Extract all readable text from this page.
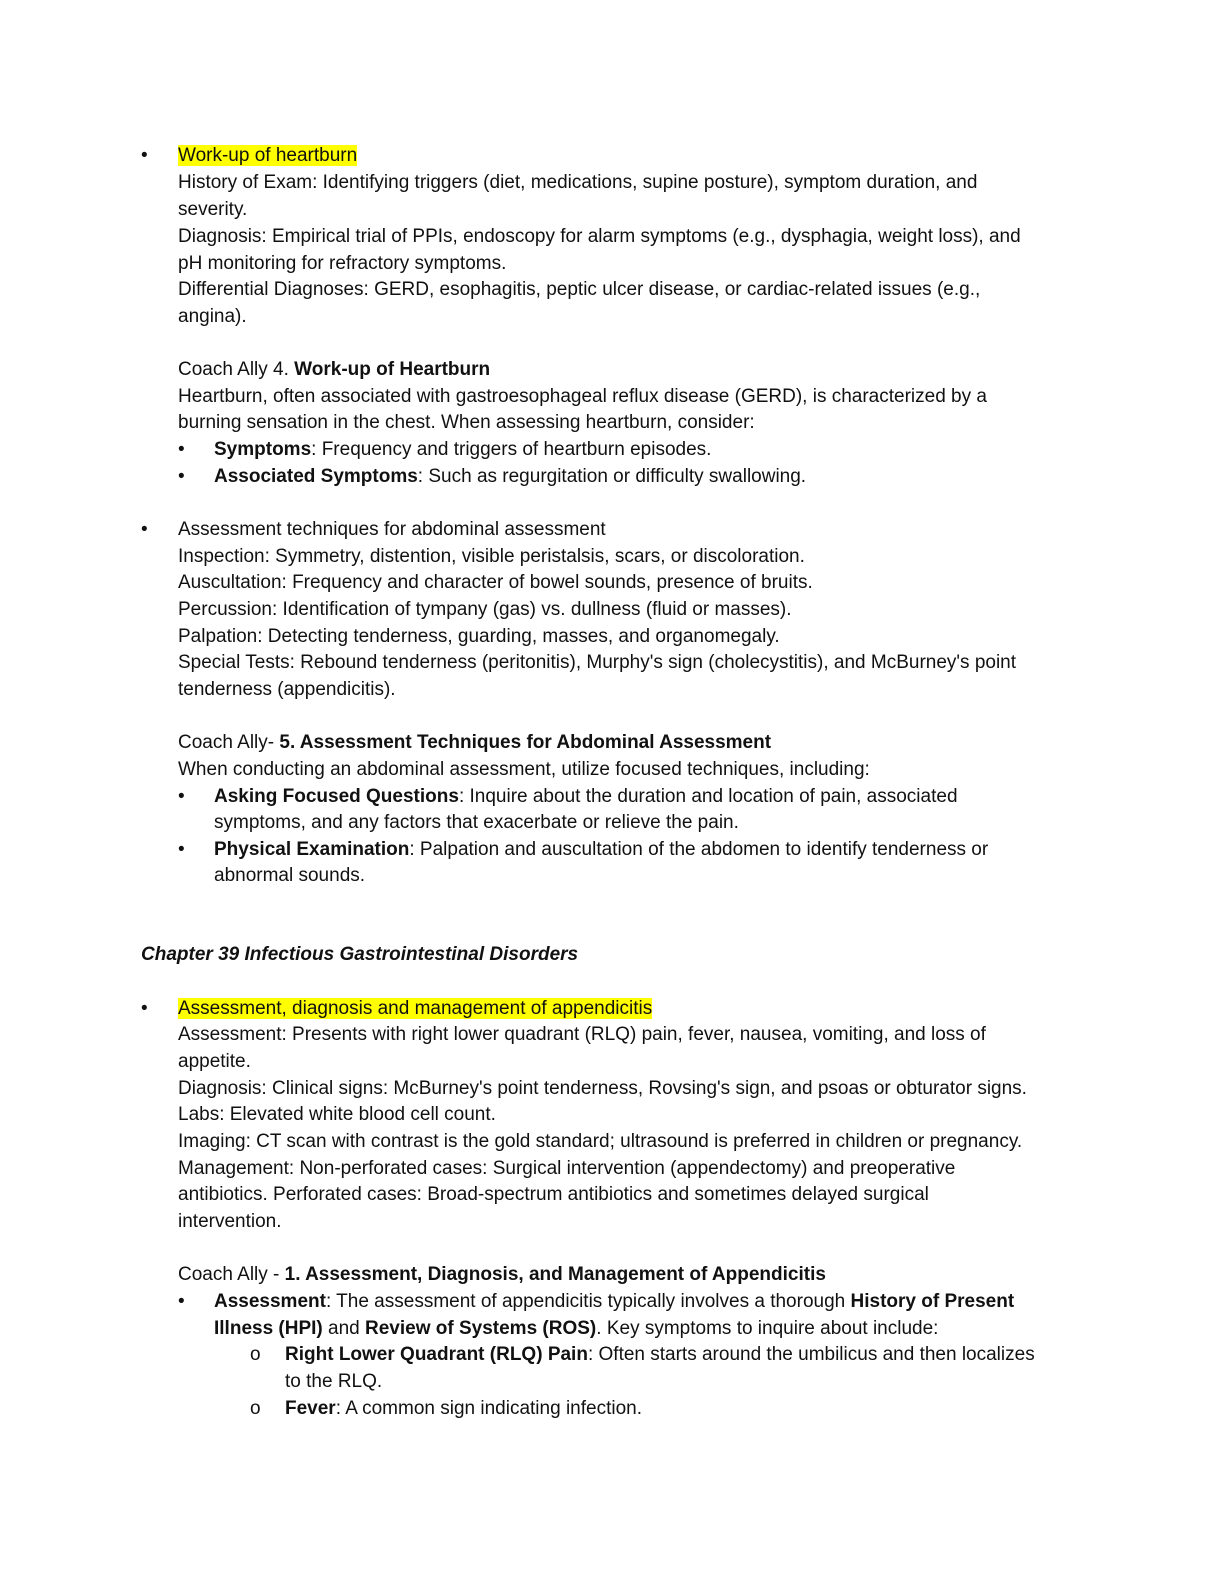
• Work-up of heartburn
History of Exam: Identifying triggers (diet, medications, supine posture), symptom duration, and
severity.
Diagnosis: Empirical trial of PPIs, endoscopy for alarm symptoms (e.g., dysphagia, weight loss), and
pH monitoring for refractory symptoms.
Differential Diagnoses: GERD, esophagitis, peptic ulcer disease, or cardiac-related issues (e.g.,
angina).
Coach Ally 4. Work-up of Heartburn
Heartburn, often associated with gastroesophageal reflux disease (GERD), is characterized by a
burning sensation in the chest. When assessing heartburn, consider:
• Symptoms: Frequency and triggers of heartburn episodes.
• Associated Symptoms: Such as regurgitation or difficulty swallowing.
• Assessment techniques for abdominal assessment
Inspection: Symmetry, distention, visible peristalsis, scars, or discoloration.
Auscultation: Frequency and character of bowel sounds, presence of bruits.
Percussion: Identification of tympany (gas) vs. dullness (fluid or masses).
Palpation: Detecting tenderness, guarding, masses, and organomegaly.
Special Tests: Rebound tenderness (peritonitis), Murphy's sign (cholecystitis), and McBurney's point
tenderness (appendicitis).
Coach Ally- 5. Assessment Techniques for Abdominal Assessment
When conducting an abdominal assessment, utilize focused techniques, including:
• Asking Focused Questions: Inquire about the duration and location of pain, associated
symptoms, and any factors that exacerbate or relieve the pain.
• Physical Examination: Palpation and auscultation of the abdomen to identify tenderness or
abnormal sounds.
Chapter 39 Infectious Gastrointestinal Disorders
• Assessment, diagnosis and management of appendicitis
Assessment: Presents with right lower quadrant (RLQ) pain, fever, nausea, vomiting, and loss of
appetite.
Diagnosis: Clinical signs: McBurney's point tenderness, Rovsing's sign, and psoas or obturator signs.
Labs: Elevated white blood cell count.
Imaging: CT scan with contrast is the gold standard; ultrasound is preferred in children or pregnancy.
Management: Non-perforated cases: Surgical intervention (appendectomy) and preoperative
antibiotics. Perforated cases: Broad-spectrum antibiotics and sometimes delayed surgical
intervention.
Coach Ally - 1. Assessment, Diagnosis, and Management of Appendicitis
• Assessment: The assessment of appendicitis typically involves a thorough History of Present
Illness (HPI) and Review of Systems (ROS). Key symptoms to inquire about include:
o Right Lower Quadrant (RLQ) Pain: Often starts around the umbilicus and then localizes
to the RLQ.
o Fever: A common sign indicating infection.
